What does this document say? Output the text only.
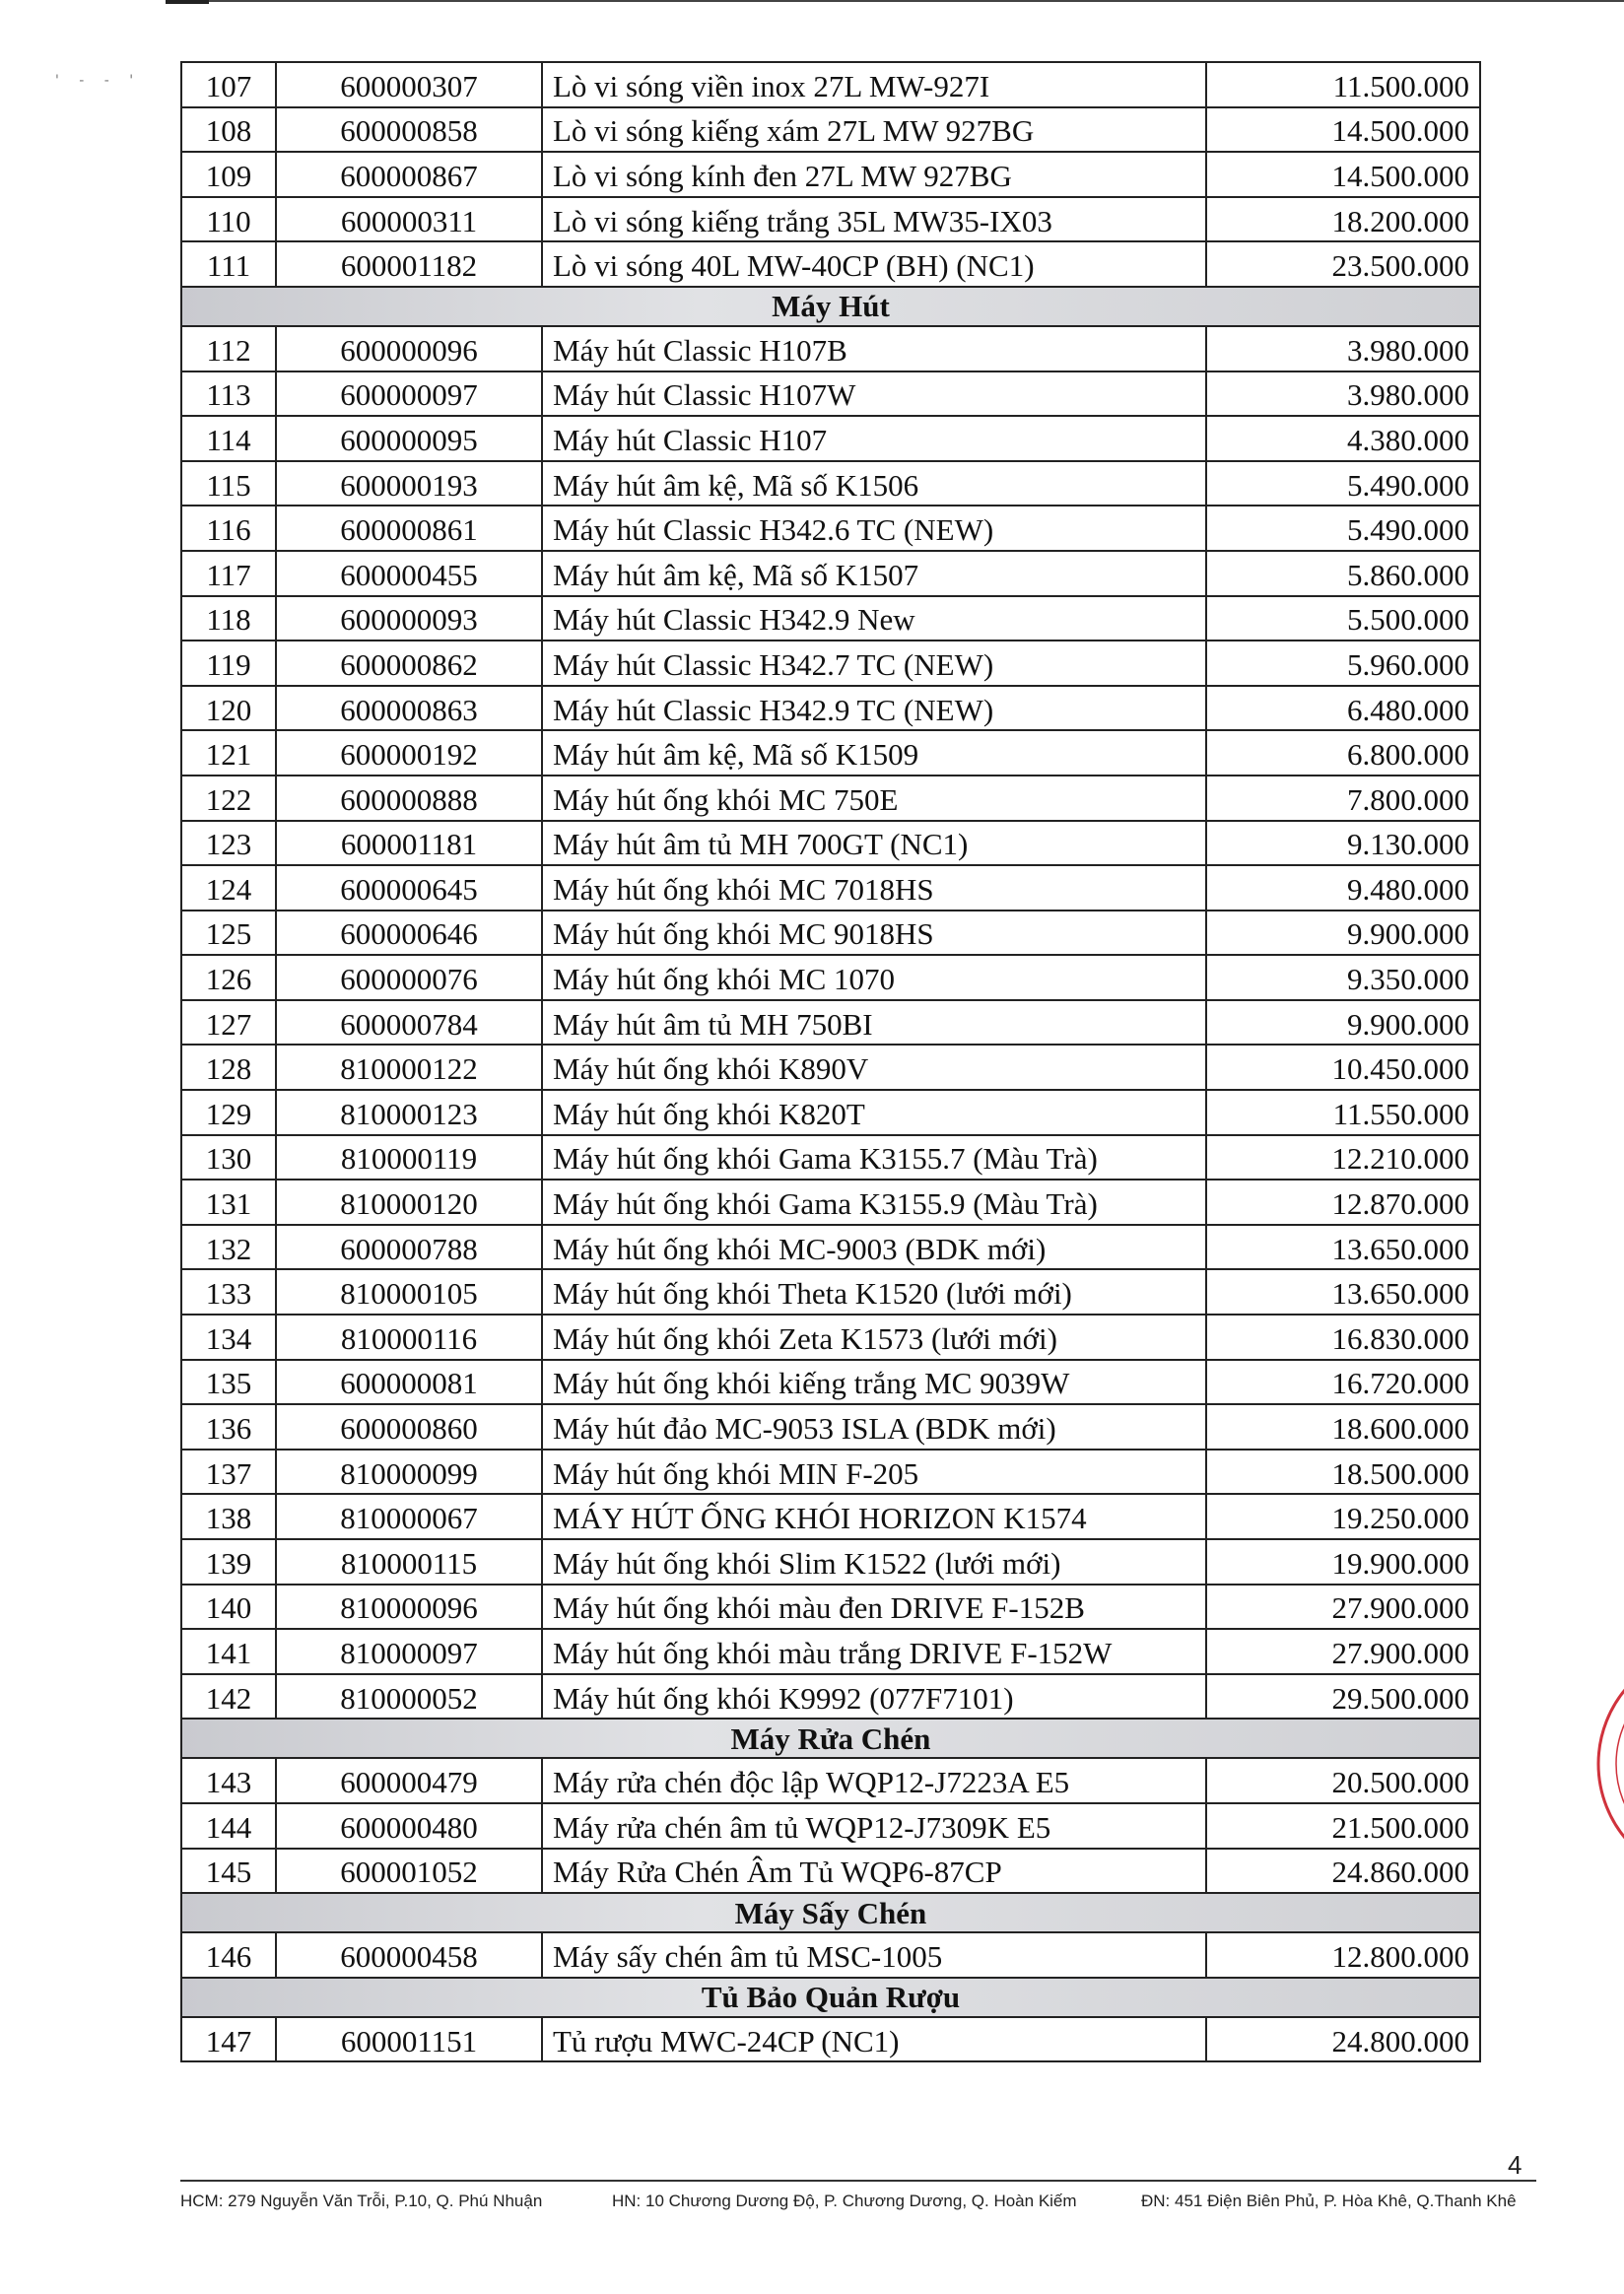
' - - ' 107	600000307	Lò vi sóng viền inox 27L MW-927I	11.500.000
108	600000858	Lò vi sóng kiếng xám 27L MW 927BG	14.500.000
109	600000867	Lò vi sóng kính đen 27L MW 927BG	14.500.000
110	600000311	Lò vi sóng kiếng trắng 35L MW35-IX03	18.200.000
111	600001182	Lò vi sóng 40L MW-40CP (BH) (NC1)	23.500.000
Máy Hút			
112	600000096	Máy hút Classic H107B	3.980.000
113	600000097	Máy hút Classic H107W	3.980.000
114	600000095	Máy hút Classic H107	4.380.000
115	600000193	Máy hút âm kệ, Mã số K1506	5.490.000
116	600000861	Máy hút Classic H342.6 TC (NEW)	5.490.000
117	600000455	Máy hút âm kệ, Mã số K1507	5.860.000
118	600000093	Máy hút Classic H342.9 New	5.500.000
119	600000862	Máy hút Classic H342.7 TC (NEW)	5.960.000
120	600000863	Máy hút Classic H342.9 TC (NEW)	6.480.000
121	600000192	Máy hút âm kệ, Mã số K1509	6.800.000
122	600000888	Máy hút ống khói MC 750E	7.800.000
123	600001181	Máy hút âm tủ MH 700GT (NC1)	9.130.000
124	600000645	Máy hút ống khói MC 7018HS	9.480.000
125	600000646	Máy hút ống khói MC 9018HS	9.900.000
126	600000076	Máy hút ống khói MC 1070	9.350.000
127	600000784	Máy hút âm tủ MH 750BI	9.900.000
128	810000122	Máy hút ống khói K890V	10.450.000
129	810000123	Máy hút ống khói K820T	11.550.000
130	810000119	Máy hút ống khói Gama K3155.7 (Màu Trà)	12.210.000
131	810000120	Máy hút ống khói Gama K3155.9 (Màu Trà)	12.870.000
132	600000788	Máy hút ống khói MC-9003 (BDK mới)	13.650.000
133	810000105	Máy hút ống khói Theta K1520 (lưới mới)	13.650.000
134	810000116	Máy hút ống khói Zeta K1573 (lưới mới)	16.830.000
135	600000081	Máy hút ống khói kiếng trắng MC 9039W	16.720.000
136	600000860	Máy hút đảo MC-9053 ISLA (BDK mới)	18.600.000
137	810000099	Máy hút ống khói MIN F-205	18.500.000
138	810000067	MÁY HÚT ỐNG KHÓI HORIZON K1574	19.250.000
139	810000115	Máy hút ống khói Slim K1522 (lưới mới)	19.900.000
140	810000096	Máy hút ống khói màu đen DRIVE F-152B	27.900.000
141	810000097	Máy hút ống khói màu trắng DRIVE F-152W	27.900.000
142	810000052	Máy hút ống khói K9992 (077F7101)	29.500.000
Máy Rửa Chén			
143	600000479	Máy rửa chén độc lập WQP12-J7223A E5	20.500.000
144	600000480	Máy rửa chén âm tủ WQP12-J7309K E5	21.500.000
145	600001052	Máy Rửa Chén Âm Tủ WQP6-87CP	24.860.000
Máy Sấy Chén			
146	600000458	Máy sấy chén âm tủ MSC-1005	12.800.000
Tủ Bảo Quản Rượu			
147	600001151	Tủ rượu MWC-24CP (NC1)	24.800.000
4
HCM: 279 Nguyễn Văn Trỗi, P.10, Q. Phú Nhuận	HN: 10 Chương Dương Độ, P. Chương Dương, Q. Hoàn Kiếm	ĐN: 451 Điện Biên Phủ, P. Hòa Khê, Q.Thanh Khê
